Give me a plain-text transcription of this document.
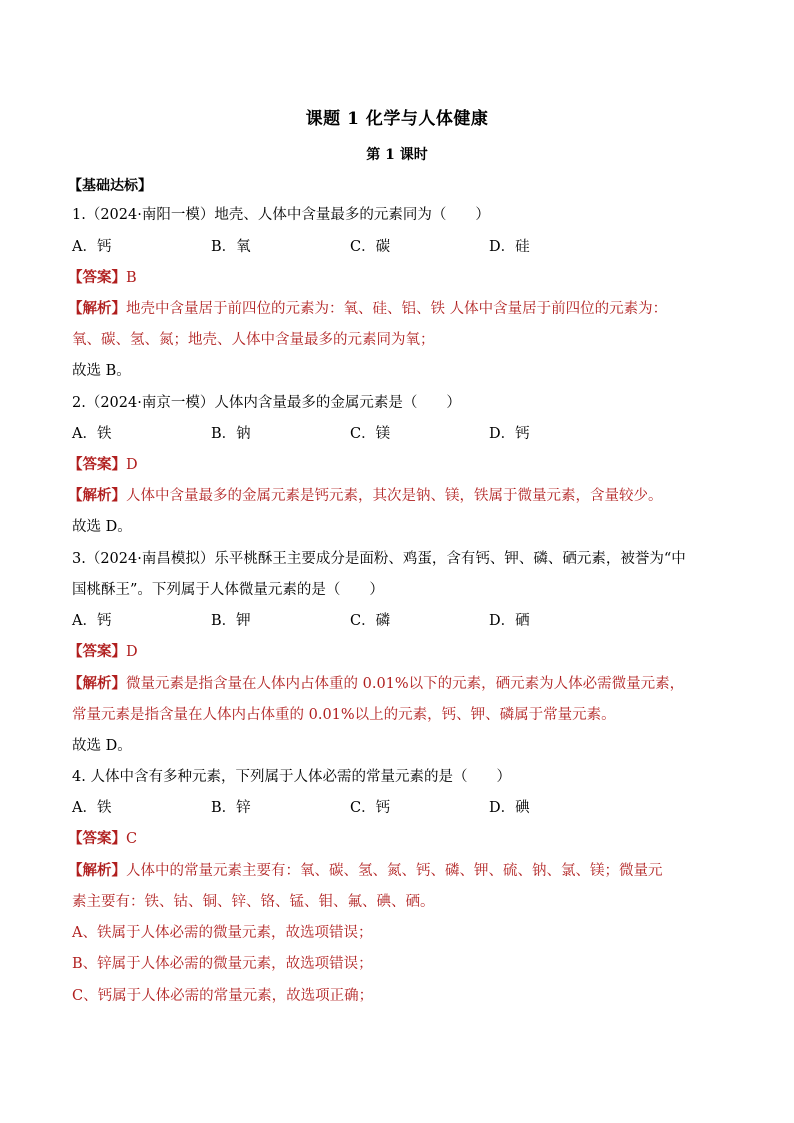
课题 1 化学与人体健康
第 1 课时
【基础达标】
1.（2024·南阳一模）地壳、人体中含量最多的元素同为（　　）
A．钙	B．氧	C．碳	D．硅
【答案】B
【解析】地壳中含量居于前四位的元素为：氧、硅、铝、铁 人体中含量居于前四位的元素为：
氧、碳、氢、氮；地壳、人体中含量最多的元素同为氧；
故选 B。
2.（2024·南京一模）人体内含量最多的金属元素是（　　）
A．铁	B．钠	C．镁	D．钙
【答案】D
【解析】人体中含量最多的金属元素是钙元素，其次是钠、镁，铁属于微量元素，含量较少。
故选 D。
3.（2024·南昌模拟）乐平桃酥王主要成分是面粉、鸡蛋，含有钙、钾、磷、硒元素，被誉为“中
国桃酥王”。下列属于人体微量元素的是（　　）
A．钙	B．钾	C．磷	D．硒
【答案】D
【解析】微量元素是指含量在人体内占体重的 0.01%以下的元素，硒元素为人体必需微量元素，
常量元素是指含量在人体内占体重的 0.01%以上的元素，钙、钾、磷属于常量元素。
故选 D。
4. 人体中含有多种元素，下列属于人体必需的常量元素的是（　　）
A．铁	B．锌	C．钙	D．碘
【答案】C
【解析】人体中的常量元素主要有：氧、碳、氢、氮、钙、磷、钾、硫、钠、氯、镁；微量元
素主要有：铁、钴、铜、锌、铬、锰、钼、氟、碘、硒。
A、铁属于人体必需的微量元素，故选项错误；
B、锌属于人体必需的微量元素，故选项错误；
C、钙属于人体必需的常量元素，故选项正确；
